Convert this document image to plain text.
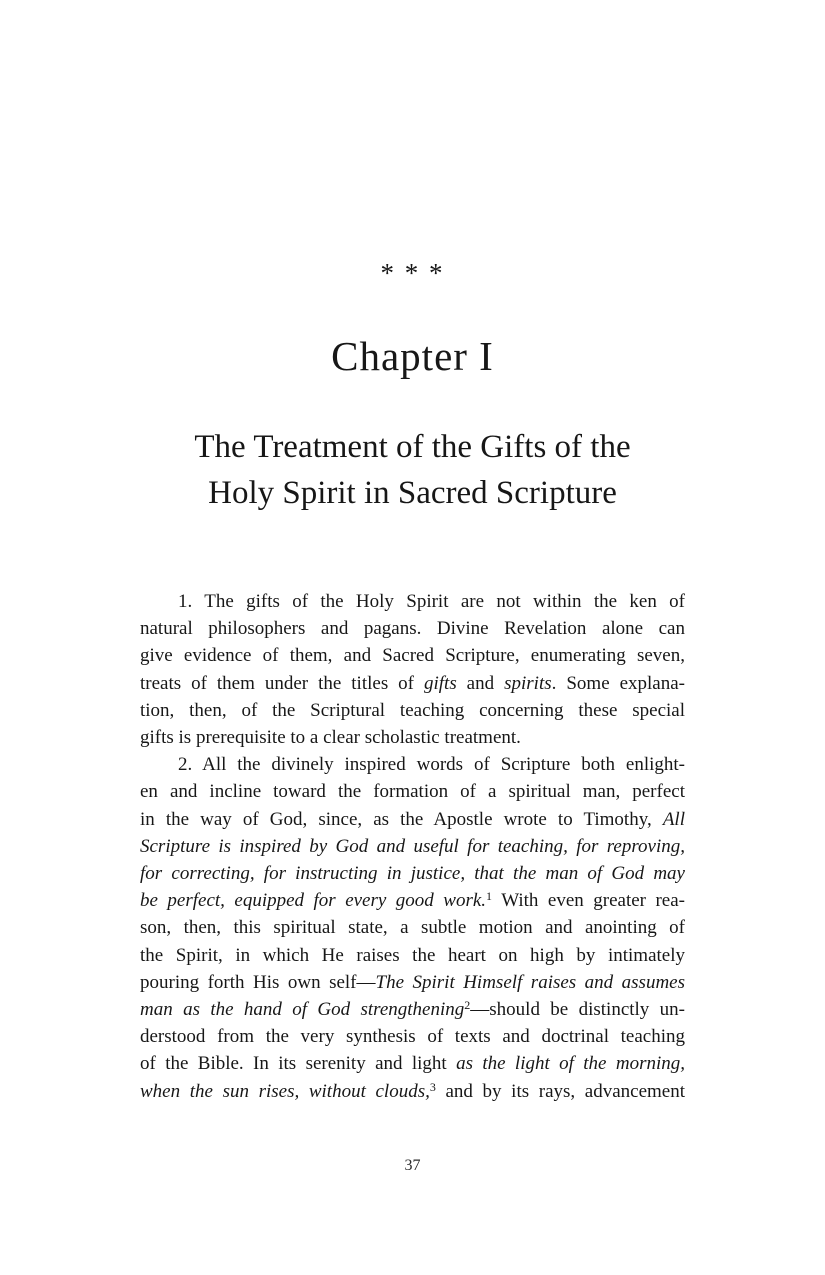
* * *
Chapter I
The Treatment of the Gifts of the
Holy Spirit in Sacred Scripture
1. The gifts of the Holy Spirit are not within the ken of
natural philosophers and pagans. Divine Revelation alone can
give evidence of them, and Sacred Scripture, enumerating seven,
treats of them under the titles of gifts and spirits. Some explana-
tion, then, of the Scriptural teaching concerning these special
gifts is prerequisite to a clear scholastic treatment.
2. All the divinely inspired words of Scripture both enlight-
en and incline toward the formation of a spiritual man, perfect
in the way of God, since, as the Apostle wrote to Timothy, All
Scripture is inspired by God and useful for teaching, for reproving,
for correcting, for instructing in justice, that the man of God may
be perfect, equipped for every good work.$^1$ With even greater rea-
son, then, this spiritual state, a subtle motion and anointing of
the Spirit, in which He raises the heart on high by intimately
pouring forth His own self—The Spirit Himself raises and assumes
man as the hand of God strengthening$^2$—should be distinctly un-
derstood from the very synthesis of texts and doctrinal teaching
of the Bible. In its serenity and light as the light of the morning,
when the sun rises, without clouds,$^3$ and by its rays, advancement
37
